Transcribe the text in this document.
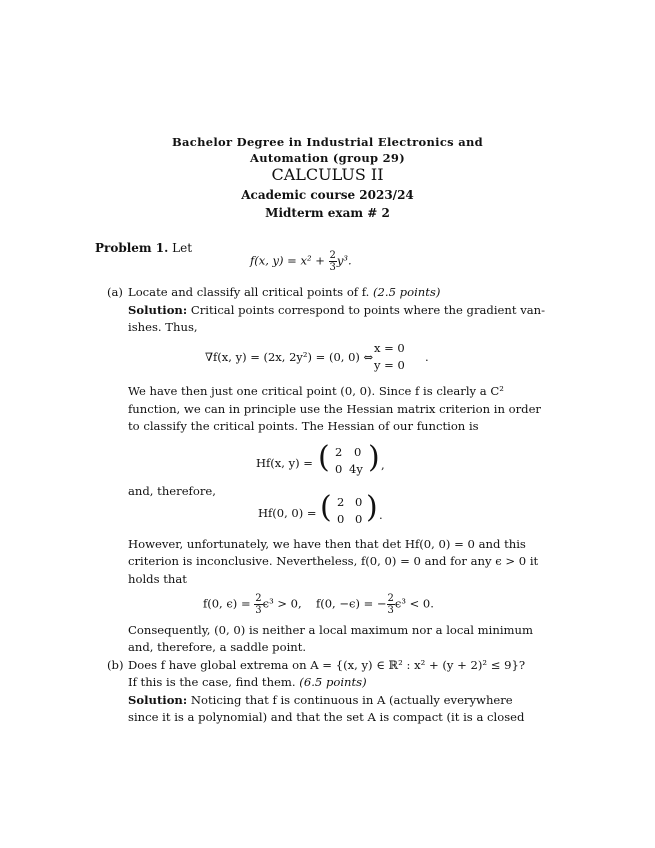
Bachelor Degree in Industrial Electronics and
Automation (group 29)
CALCULUS II
Academic course 2023/24
Midterm exam # 2
Problem 1. Let
f(x, $y) = x^2 + \frac{2}{3} y^3$.
(a) Locate and classify all critical points of f. (2.5 points)
Solution: Critical points correspond to points where the gradient van-
ishes. Thus,
∇f(x, y) = (2x, 2y²) = (0, 0) ⇔
x = 0
y = 0
.
We have then just one critical point (0, 0). Since f is clearly a C²
function, we can in principle use the Hessian matrix criterion in order
to classify the critical points. The Hessian of our function is
Hf(x, y) = ( 2 0
0 4y ) ,
and, therefore,
Hf(0, 0) = ( 2 0
0 0 ) .
However, unfortunately, we have then that det Hf(0, 0) = 0 and this
criterion is inconclusive. Nevertheless, f(0, 0) = 0 and for any ϵ > 0 it
holds that
f(0, $\epsilon) = \frac{2}{3} \epsilon^3 > 0$, f(0, −ϵ) = − $\frac{2}{3} \epsilon^3 < 0$.
Consequently, (0, 0) is neither a local maximum nor a local minimum
and, therefore, a saddle point.
(b) Does f have global extrema on A = {(x, y) ∈ ℝ² : x² + (y + 2)² ≤ 9}?
If this is the case, find them. (6.5 points)
Solution: Noticing that f is continuous in A (actually everywhere
since it is a polynomial) and that the set A is compact (it is a closed
